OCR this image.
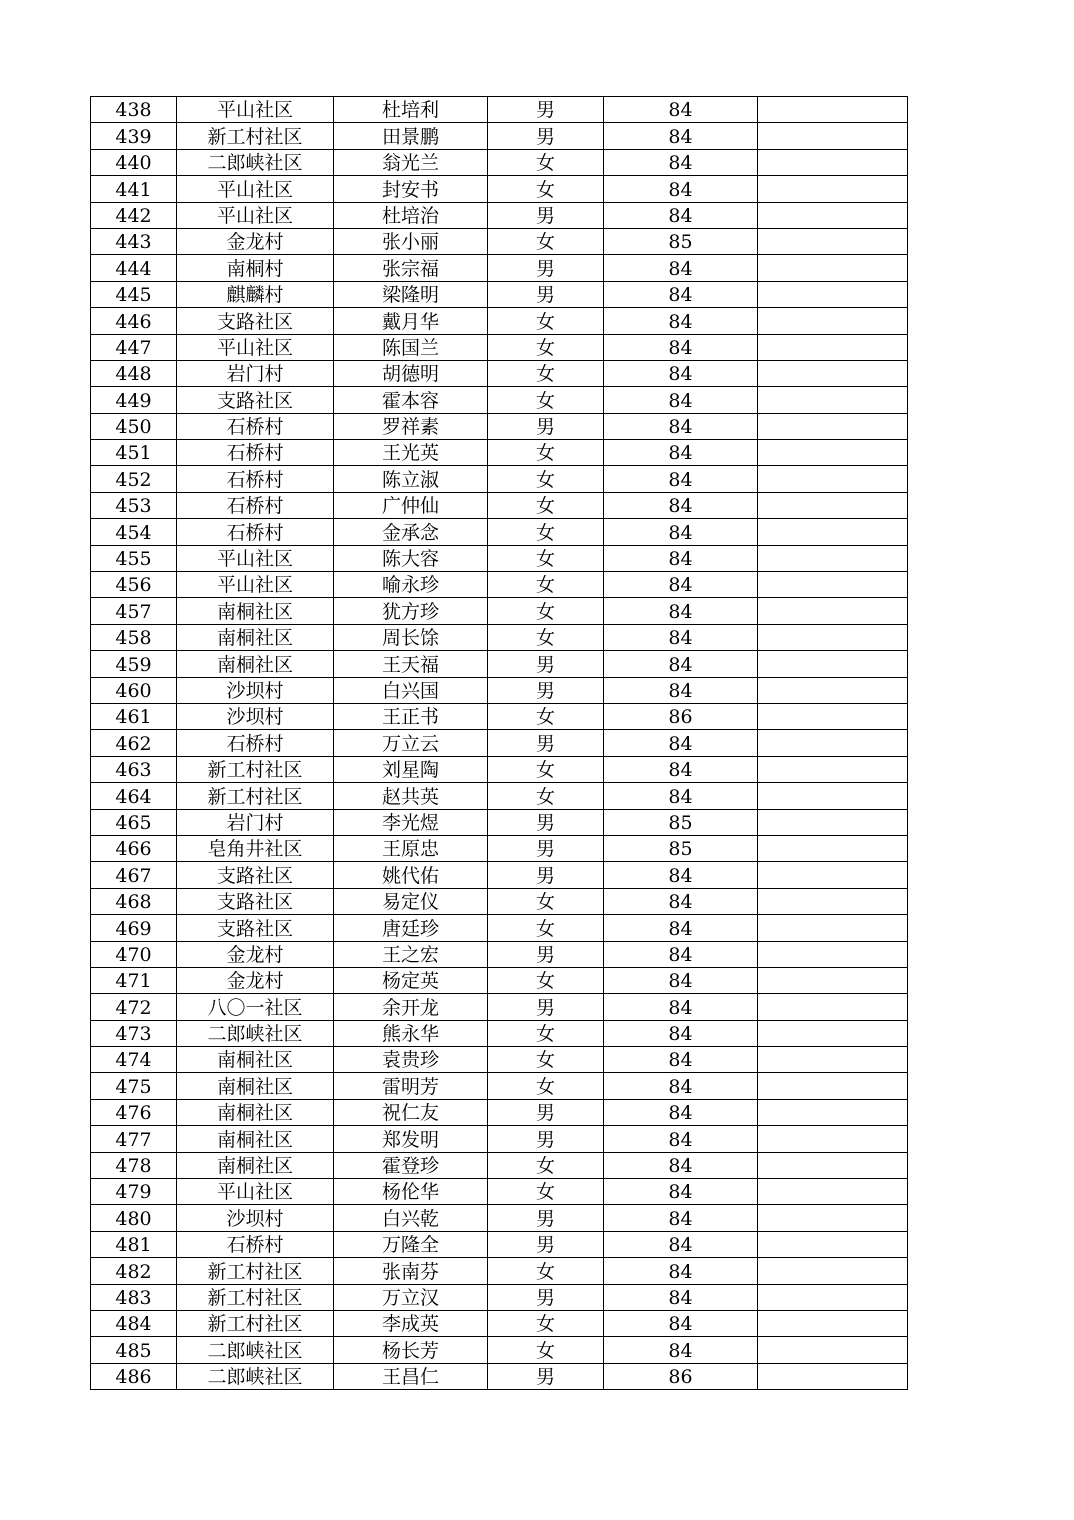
438	平山社区	杜培利	男	84	
439	新工村社区	田景鹏	男	84	
440	二郎峡社区	翁光兰	女	84	
441	平山社区	封安书	女	84	
442	平山社区	杜培治	男	84	
443	金龙村	张小丽	女	85	
444	南桐村	张宗福	男	84	
445	麒麟村	梁隆明	男	84	
446	支路社区	戴月华	女	84	
447	平山社区	陈国兰	女	84	
448	岩门村	胡德明	女	84	
449	支路社区	霍本容	女	84	
450	石桥村	罗祥素	男	84	
451	石桥村	王光英	女	84	
452	石桥村	陈立淑	女	84	
453	石桥村	广仲仙	女	84	
454	石桥村	金承念	女	84	
455	平山社区	陈大容	女	84	
456	平山社区	喻永珍	女	84	
457	南桐社区	犹方珍	女	84	
458	南桐社区	周长馀	女	84	
459	南桐社区	王天福	男	84	
460	沙坝村	白兴国	男	84	
461	沙坝村	王正书	女	86	
462	石桥村	万立云	男	84	
463	新工村社区	刘星陶	女	84	
464	新工村社区	赵共英	女	84	
465	岩门村	李光煜	男	85	
466	皂角井社区	王原忠	男	85	
467	支路社区	姚代佑	男	84	
468	支路社区	易定仪	女	84	
469	支路社区	唐廷珍	女	84	
470	金龙村	王之宏	男	84	
471	金龙村	杨定英	女	84	
472	八〇一社区	余开龙	男	84	
473	二郎峡社区	熊永华	女	84	
474	南桐社区	袁贵珍	女	84	
475	南桐社区	雷明芳	女	84	
476	南桐社区	祝仁友	男	84	
477	南桐社区	郑发明	男	84	
478	南桐社区	霍登珍	女	84	
479	平山社区	杨伦华	女	84	
480	沙坝村	白兴乾	男	84	
481	石桥村	万隆全	男	84	
482	新工村社区	张南芬	女	84	
483	新工村社区	万立汉	男	84	
484	新工村社区	李成英	女	84	
485	二郎峡社区	杨长芳	女	84	
486	二郎峡社区	王昌仁	男	86	
